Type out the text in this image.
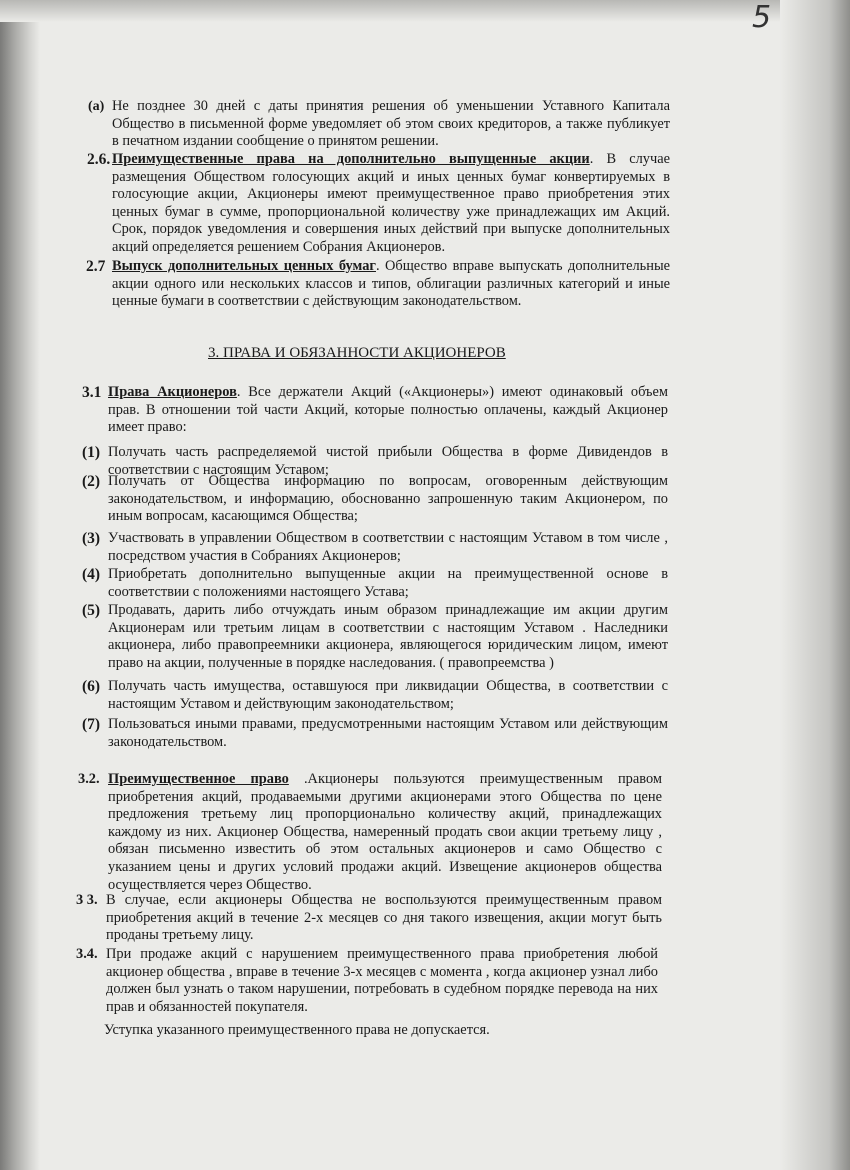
5
(a) Не позднее 30 дней с даты принятия решения об уменьшении Уставного Капитала Общество в письменной форме уведомляет об этом своих кредиторов, а также публикует в печатном издании сообщение о принятом решении.
2.6. Преимущественные права на дополнительно выпущенные акции. В случае размещения Обществом голосующих акций и иных ценных бумаг конвертируемых в голосующие акции, Акционеры имеют преимущественное право приобретения этих ценных бумаг в сумме, пропорциональной количеству уже принадлежащих им Акций. Срок, порядок уведомления и совершения иных действий при выпуске дополнительных акций определяется решением Собрания Акционеров.
2.7 Выпуск дополнительных ценных бумаг. Общество вправе выпускать дополнительные акции одного или нескольких классов и типов, облигации различных категорий и иные ценные бумаги в соответствии с действующим законодательством.
3. ПРАВА И ОБЯЗАННОСТИ АКЦИОНЕРОВ
3.1 Права Акционеров. Все держатели Акций («Акционеры») имеют одинаковый объем прав. В отношении той части Акций, которые полностью оплачены, каждый Акционер имеет право:
(1) Получать часть распределяемой чистой прибыли Общества в форме Дивидендов в соответствии с настоящим Уставом;
(2) Получать от Общества информацию по вопросам, оговоренным действующим законодательством, и информацию, обоснованно запрошенную таким Акционером, по иным вопросам, касающимся Общества;
(3) Участвовать в управлении Обществом в соответствии с настоящим Уставом в том числе , посредством участия в Собраниях Акционеров;
(4) Приобретать дополнительно выпущенные акции на преимущественной основе в соответствии с положениями настоящего Устава;
(5) Продавать, дарить либо отчуждать иным образом принадлежащие им акции другим Акционерам или третьим лицам в соответствии с настоящим Уставом . Наследники акционера, либо правопреемники акционера, являющегося юридическим лицом, имеют право на акции, полученные в порядке наследования. ( правопреемства )
(6) Получать часть имущества, оставшуюся при ликвидации Общества, в соответствии с настоящим Уставом и действующим законодательством;
(7) Пользоваться иными правами, предусмотренными настоящим Уставом или действующим законодательством.
3.2. Преимущественное право .Акционеры пользуются преимущественным правом приобретения акций, продаваемыми другими акционерами этого Общества по цене предложения третьему лиц пропорционально количеству акций, принадлежащих каждому из них. Акционер Общества, намеренный продать свои акции третьему лицу , обязан письменно известить об этом остальных акционеров и само Общество с указанием цены и других условий продажи акций. Извещение акционеров общества осуществляется через Общество.
3 3. В случае, если акционеры Общества не воспользуются преимущественным правом приобретения акций в течение 2-х месяцев со дня такого извещения, акции могут быть проданы третьему лицу.
3.4. При продаже акций с нарушением преимущественного права приобретения любой акционер общества , вправе в течение 3-х месяцев с момента , когда акционер узнал либо должен был узнать о таком нарушении, потребовать в судебном порядке перевода на них прав и обязанностей покупателя.
Уступка указанного преимущественного права не допускается.
